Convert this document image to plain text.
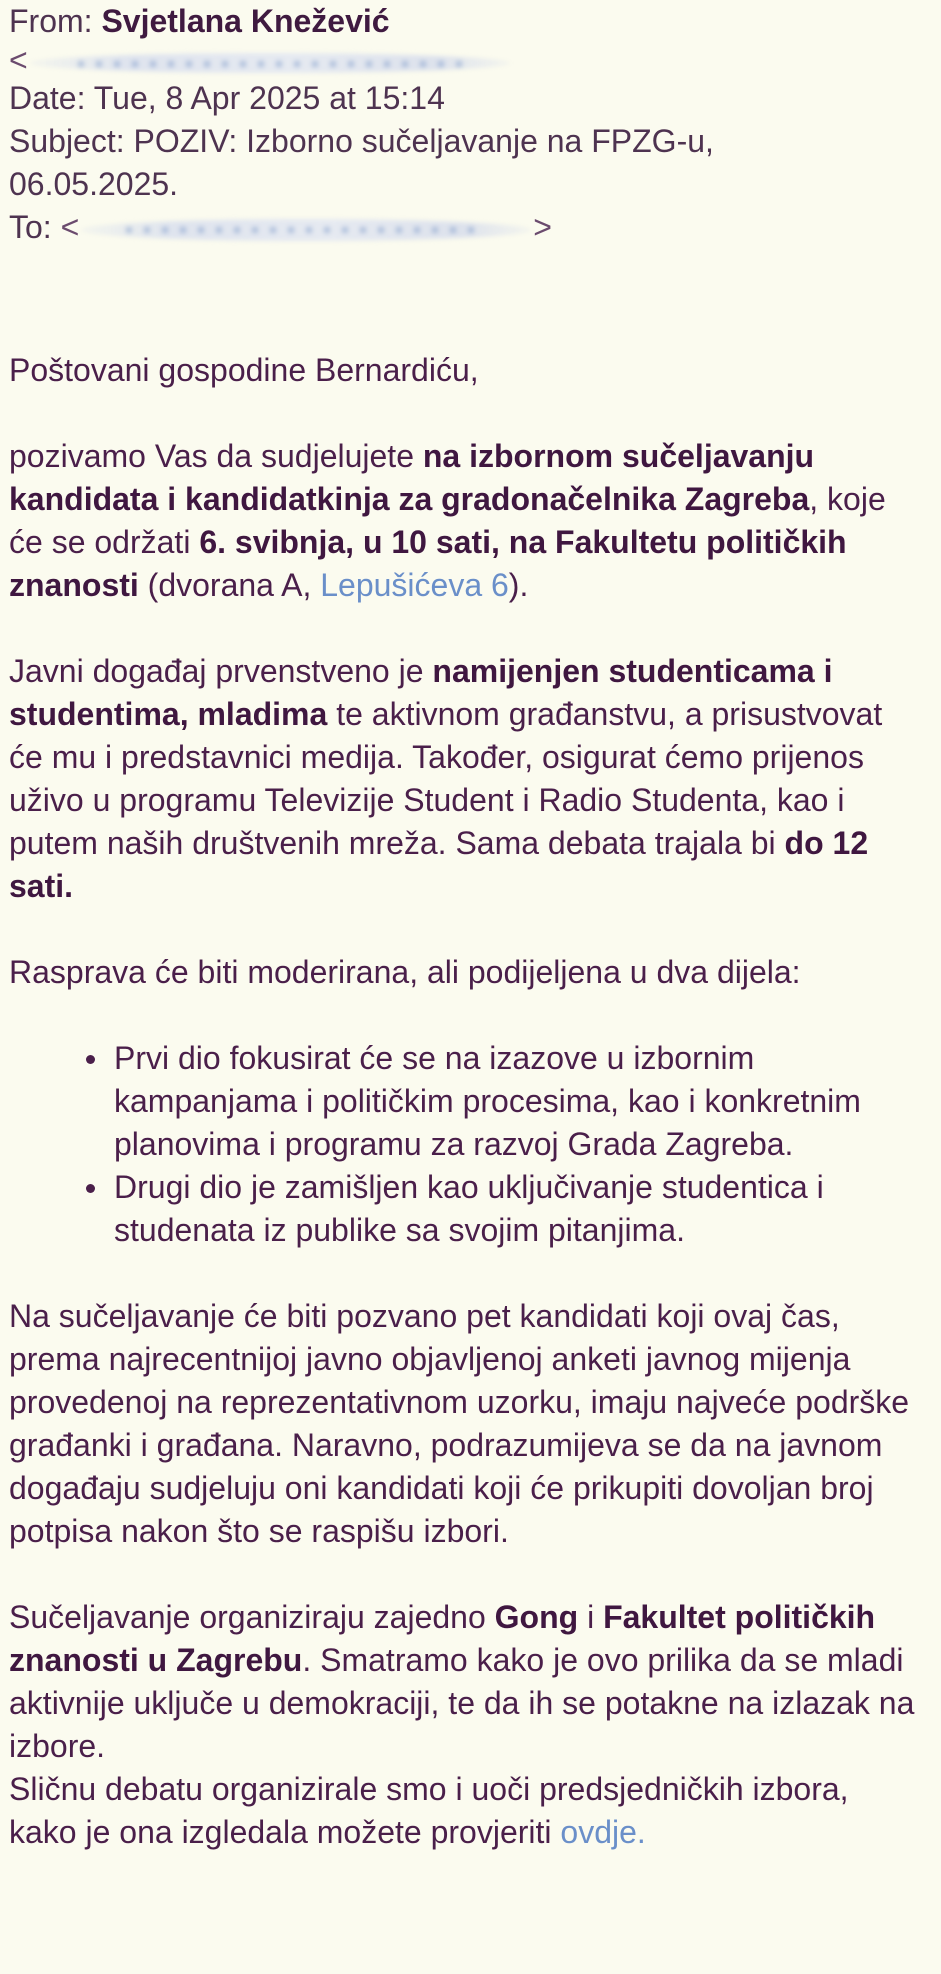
From: Svjetlana Knežević
<
Date: Tue, 8 Apr 2025 at 15:14
Subject: POZIV: Izborno sučeljavanje na FPZG-u,
06.05.2025.
To: <	>

Poštovani gospodine Bernardiću,

pozivamo Vas da sudjelujete na izbornom sučeljavanju kandidata i kandidatkinja za gradonačelnika Zagreba, koje će se održati 6. svibnja, u 10 sati, na Fakultetu političkih znanosti (dvorana A, Lepušićeva 6).

Javni događaj prvenstveno je namijenjen studenticama i studentima, mladima te aktivnom građanstvu, a prisustvovat će mu i predstavnici medija. Također, osigurat ćemo prijenos uživo u programu Televizije Student i Radio Studenta, kao i putem naših društvenih mreža. Sama debata trajala bi do 12 sati.

Rasprava će biti moderirana, ali podijeljena u dva dijela:

Prvi dio fokusirat će se na izazove u izbornim kampanjama i političkim procesima, kao i konkretnim planovima i programu za razvoj Grada Zagreba.
Drugi dio je zamišljen kao uključivanje studentica i studenata iz publike sa svojim pitanjima.

Na sučeljavanje će biti pozvano pet kandidati koji ovaj čas, prema najrecentnijoj javno objavljenoj anketi javnog mijenja provedenoj na reprezentativnom uzorku, imaju najveće podrške građanki i građana. Naravno, podrazumijeva se da na javnom događaju sudjeluju oni kandidati koji će prikupiti dovoljan broj potpisa nakon što se raspišu izbori.

Sučeljavanje organiziraju zajedno Gong i Fakultet političkih znanosti u Zagrebu. Smatramo kako je ovo prilika da se mladi aktivnije uključe u demokraciji, te da ih se potakne na izlazak na izbore.

Sličnu debatu organizirale smo i uoči predsjedničkih izbora, kako je ona izgledala možete provjeriti ovdje.
